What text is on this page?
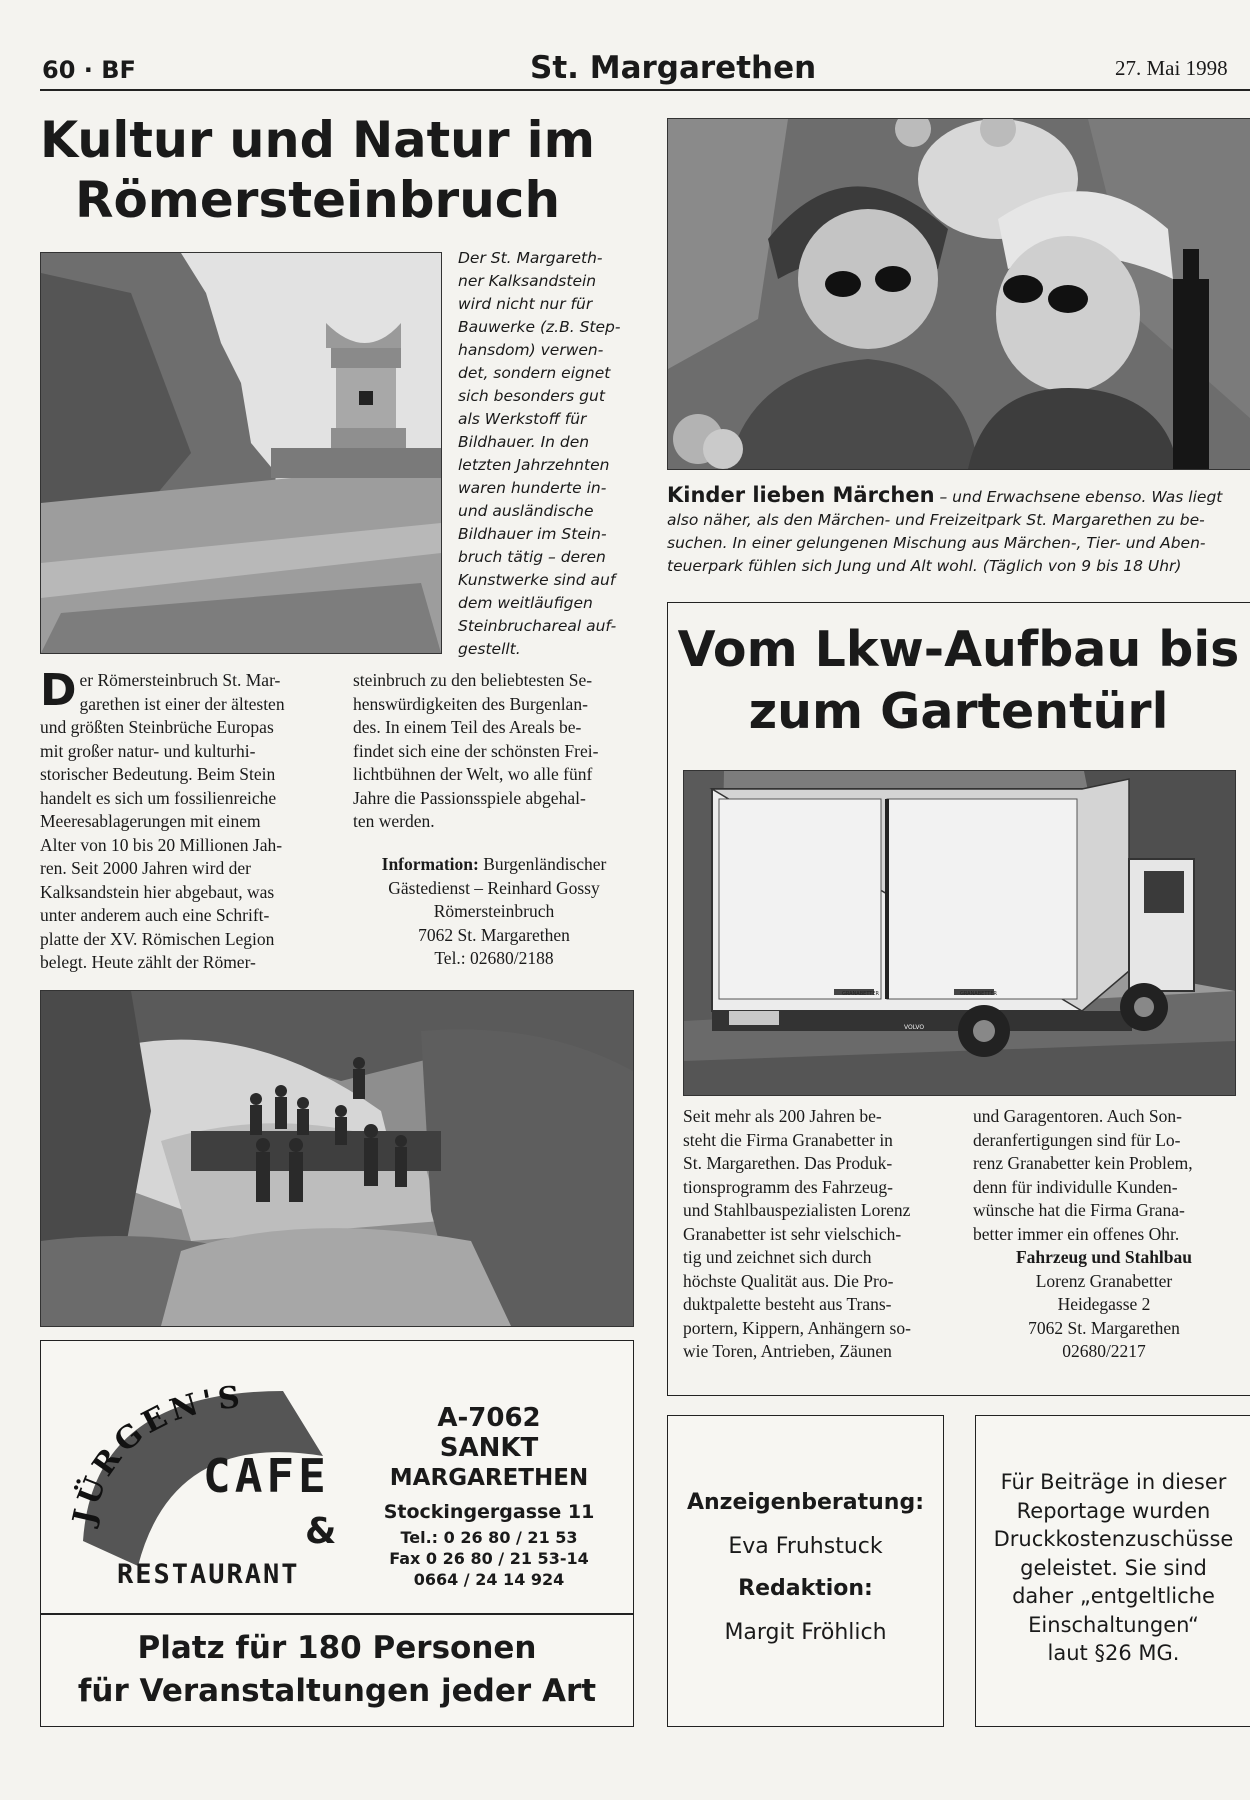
60 · BF	St. Margarethen	27. Mai 1998
Kultur und Natur im
Römersteinbruch
Der St. Margareth-
ner Kalksandstein
wird nicht nur für
Bauwerke (z.B. Step-
hansdom) verwen-
det, sondern eignet
sich besonders gut
als Werkstoff für
Bildhauer. In den
letzten Jahrzehnten
waren hunderte in-
und ausländische
Bildhauer im Stein-
bruch tätig – deren
Kunstwerke sind auf
dem weitläufigen
Steinbruchareal auf-
gestellt.
D er Römersteinbruch St. Mar-
garethen ist einer der ältesten
und größten Steinbrüche Europas
mit großer natur- und kulturhi-
storischer Bedeutung. Beim Stein
handelt es sich um fossilienreiche
Meeresablagerungen mit einem
Alter von 10 bis 20 Millionen Jah-
ren. Seit 2000 Jahren wird der
Kalksandstein hier abgebaut, was
unter anderem auch eine Schrift-
platte der XV. Römischen Legion
belegt. Heute zählt der Römer-
steinbruch zu den beliebtesten Se-
henswürdigkeiten des Burgenlan-
des. In einem Teil des Areals be-
findet sich eine der schönsten Frei-
lichtbühnen der Welt, wo alle fünf
Jahre die Passionsspiele abgehal-
ten werden.
Information: Burgenländischer
Gästedienst – Reinhard Gossy
Römersteinbruch
7062 St. Margarethen
Tel.: 02680/2188
Kinder lieben Märchen – und Erwachsene ebenso. Was liegt
also näher, als den Märchen- und Freizeitpark St. Margarethen zu be-
suchen. In einer gelungenen Mischung aus Märchen-, Tier- und Aben-
teuerpark fühlen sich Jung und Alt wohl. (Täglich von 9 bis 18 Uhr)
Vom Lkw-Aufbau bis
zum Gartentürl
GRANABETTER	GRANABETTER
VOLVO
Seit mehr als 200 Jahren be-
steht die Firma Granabetter in
St. Margarethen. Das Produk-
tionsprogramm des Fahrzeug-
und Stahlbauspezialisten Lorenz
Granabetter ist sehr vielschich-
tig und zeichnet sich durch
höchste Qualität aus. Die Pro-
duktpalette besteht aus Trans-
portern, Kippern, Anhängern so-
wie Toren, Antrieben, Zäunen
und Garagentoren. Auch Son-
deranfertigungen sind für Lo-
renz Granabetter kein Problem,
denn für individulle Kunden-
wünsche hat die Firma Grana-
better immer ein offenes Ohr.
Fahrzeug und Stahlbau
Lorenz Granabetter
Heidegasse 2
7062 St. Margarethen
02680/2217
JÜRGEN'S
CAFE
&
RESTAURANT
A-7062
SANKT
MARGARETHEN
Stockingergasse 11
Tel.: 0 26 80 / 21 53
Fax 0 26 80 / 21 53-14
0664 / 24 14 924
Platz für 180 Personen
für Veranstaltungen jeder Art
Anzeigenberatung:
Eva Fruhstuck
Redaktion:
Margit Fröhlich
Für Beiträge in dieser
Reportage wurden
Druckkostenzuschüsse
geleistet. Sie sind
daher „entgeltliche
Einschaltungen“
laut §26 MG.
